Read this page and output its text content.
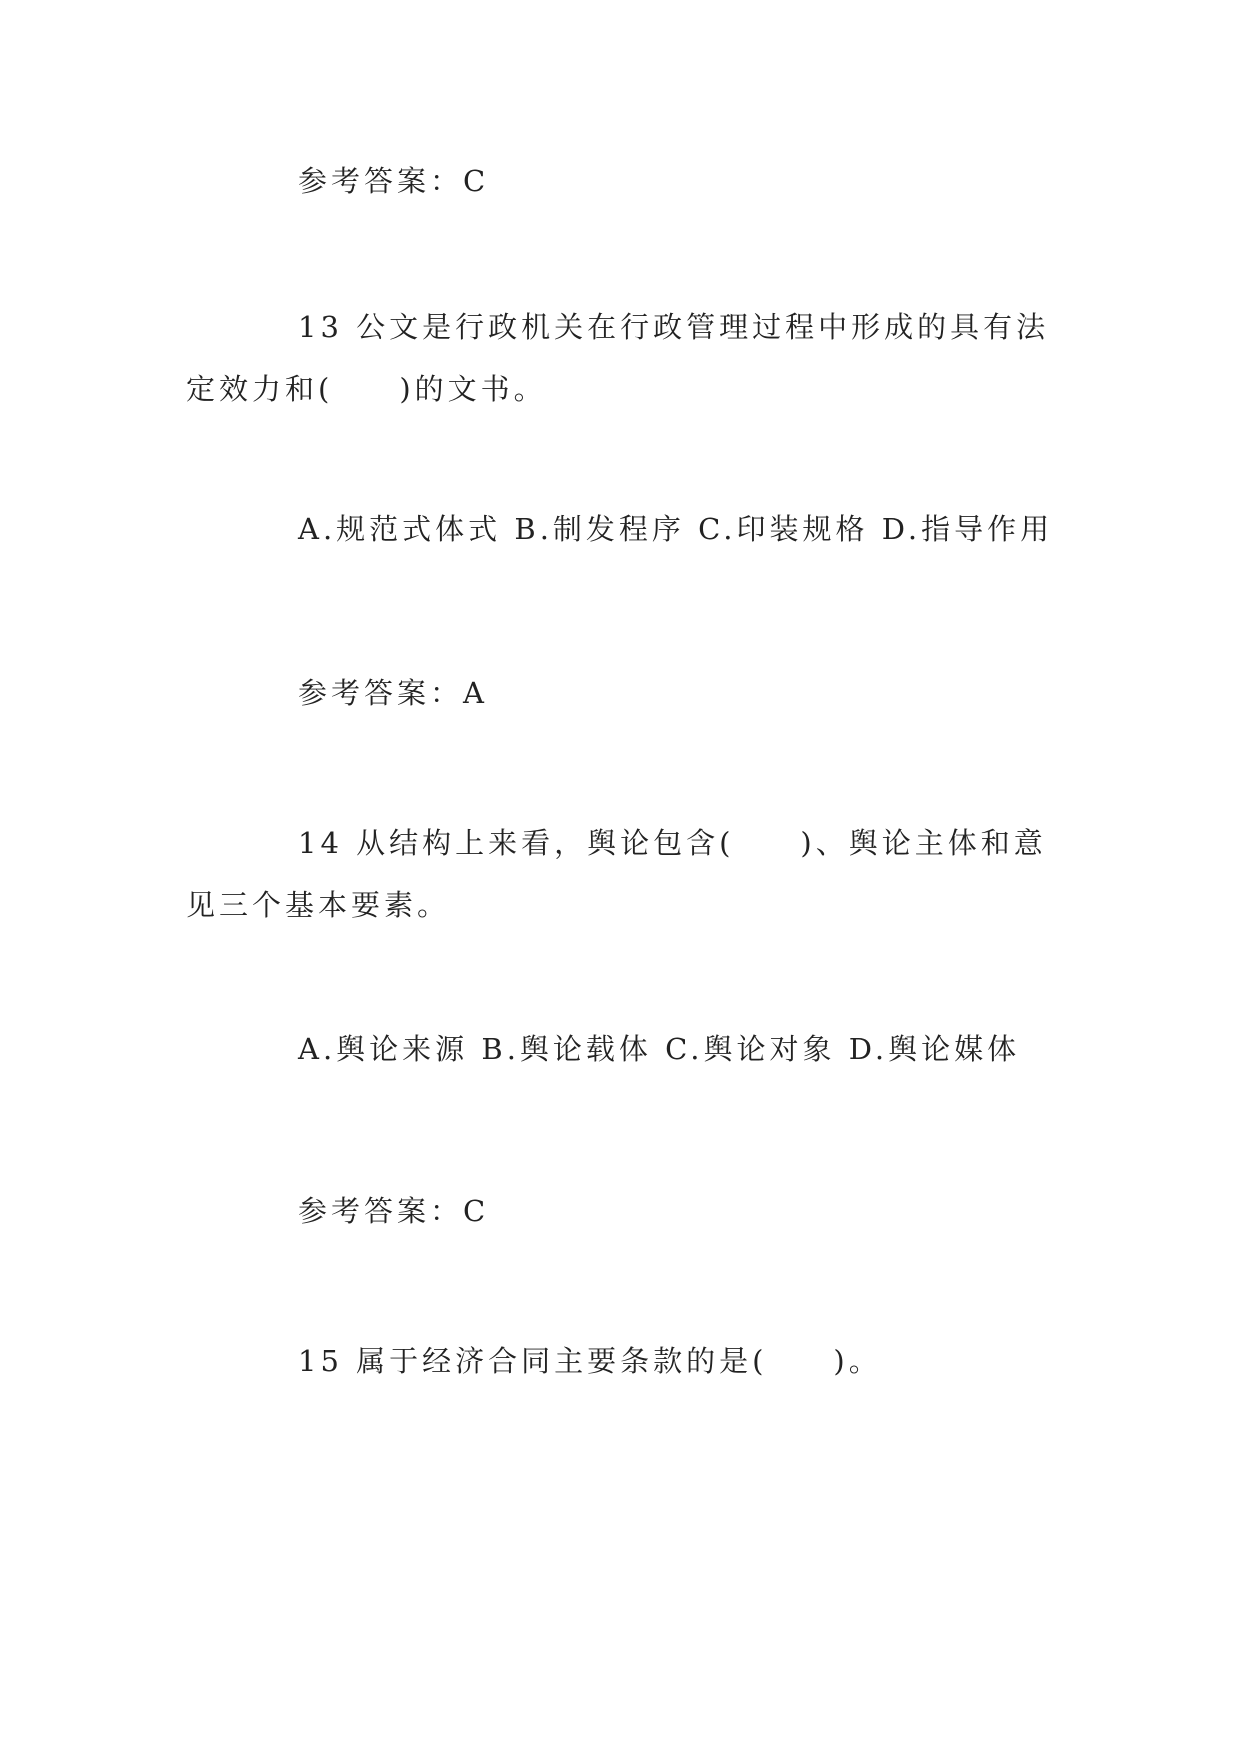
参考答案：C

13 公文是行政机关在行政管理过程中形成的具有法定效力和(　　)的文书。

A.规范式体式 B.制发程序 C.印装规格 D.指导作用

参考答案：A

14 从结构上来看，舆论包含(　　)、舆论主体和意见三个基本要素。

A.舆论来源 B.舆论载体 C.舆论对象 D.舆论媒体

参考答案：C

15 属于经济合同主要条款的是(　　)。
